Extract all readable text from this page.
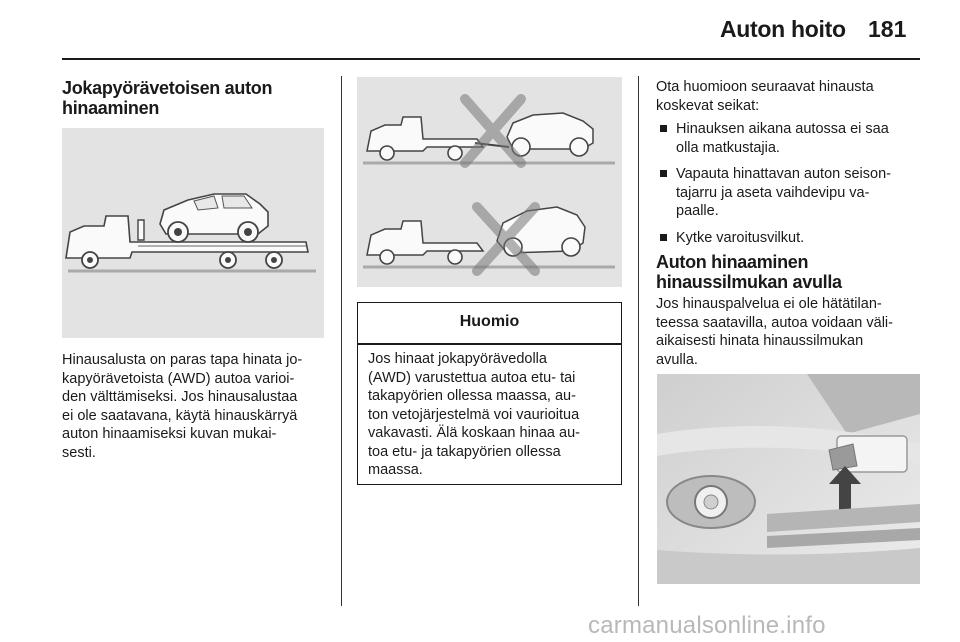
Auton hoito 181
Jokapyörävetoisen auton
hinaaminen
Hinausalusta on paras tapa hinata jo-
kapyörävetoista (AWD) autoa varioi-
den välttämiseksi. Jos hinausalustaa
ei ole saatavana, käytä hinauskärryä
auton hinaamiseksi kuvan mukai-
sesti.
Huomio
Jos hinaat jokapyörävedolla
(AWD) varustettua autoa etu- tai
takapyörien ollessa maassa, au-
ton vetojärjestelmä voi vaurioitua
vakavasti. Älä koskaan hinaa au-
toa etu- ja takapyörien ollessa
maassa.
Ota huomioon seuraavat hinausta
koskevat seikat:
Hinauksen aikana autossa ei saa
olla matkustajia.
Vapauta hinattavan auton seison-
tajarru ja aseta vaihdevipu va-
paalle.
Kytke varoitusvilkut.
Auton hinaaminen
hinaussilmukan avulla
Jos hinauspalvelua ei ole hätätilan-
teessa saatavilla, autoa voidaan väli-
aikaisesti hinata hinaussilmukan
avulla.
carmanualsonline.info
